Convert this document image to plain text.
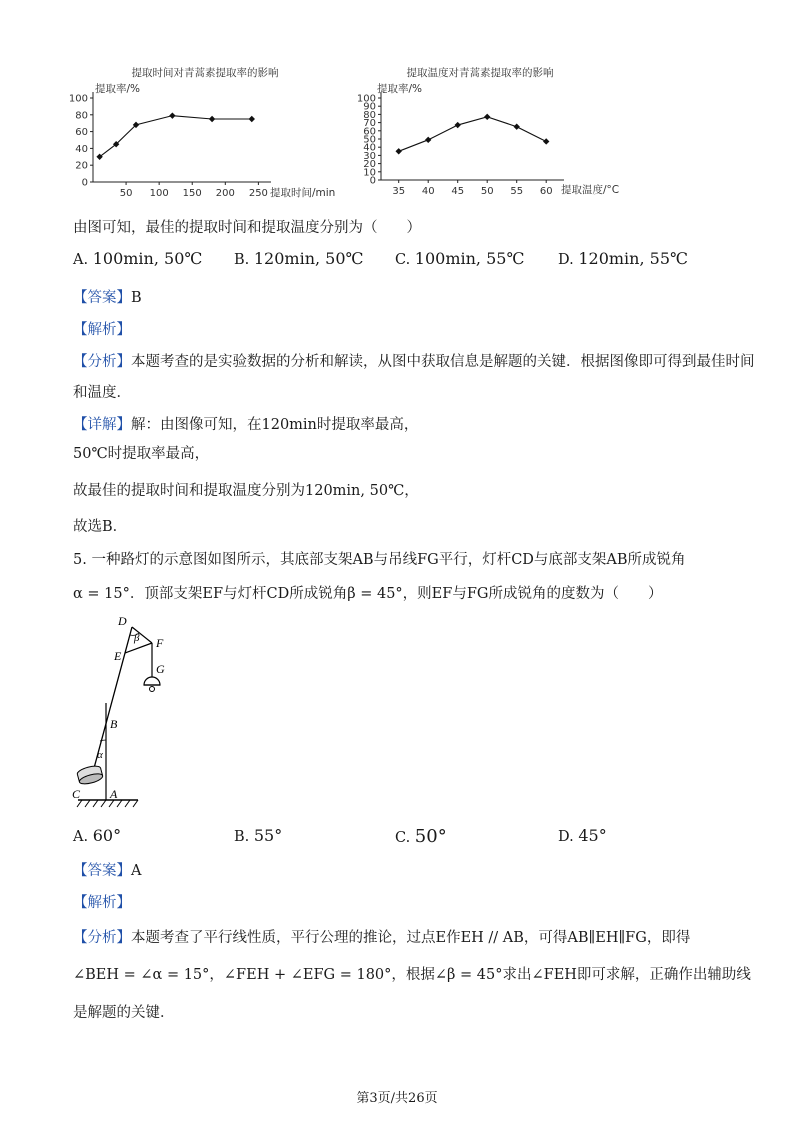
提取时间对青蒿素提取率的影响
提取率/%
提取时间/min
0
20
40
60
80
100
50 100 150 200 250
提取温度对青蒿素提取率的影响
提取率/%
提取温度/°C
0
10
20
30
40
50
60
70
80
90
100
35 40 45 50 55 60
由图可知，最佳的提取时间和提取温度分别为（　　）
A. 100min, 50℃ B. 120min, 50℃ C. 100min, 55℃ D. 120min, 55℃
【答案】B
【解析】
【分析】本题考查的是实验数据的分析和解读，从图中获取信息是解题的关键．根据图像即可得到最佳时间
和温度．
【详解】解：由图像可知，在120min时提取率最高，
50℃时提取率最高，
故最佳的提取时间和提取温度分别为120min, 50℃，
故选B．
5. 一种路灯的示意图如图所示，其底部支架AB与吊线FG平行，灯杆CD与底部支架AB所成锐角
α = 15°．顶部支架EF与灯杆CD所成锐角β = 45°，则EF与FG所成锐角的度数为（　　）
D
β F
E
G
B
α
C A
A. 60°	B. 55°	C. 50°	D. 45°
【答案】A
【解析】
【分析】本题考查了平行线性质，平行公理的推论，过点E作EH // AB，可得AB∥EH∥FG，即得
∠BEH = ∠α = 15°，∠FEH + ∠EFG = 180°，根据∠β = 45°求出∠FEH即可求解，正确作出辅助线
是解题的关键．
第3页/共26页
